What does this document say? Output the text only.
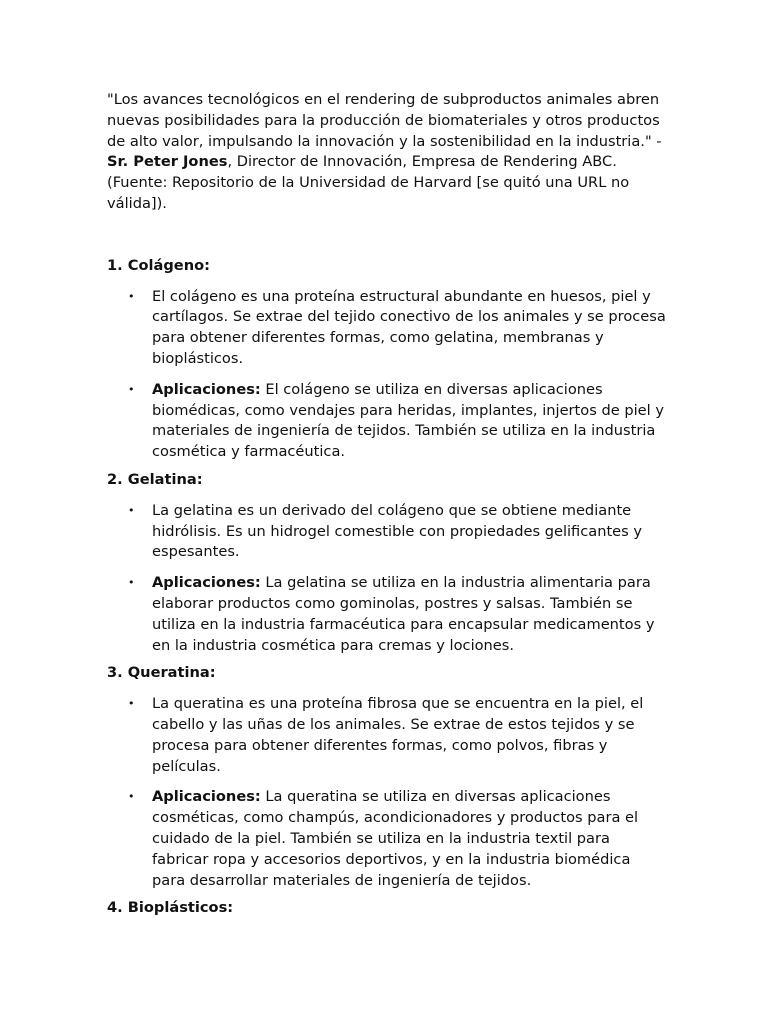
"Los avances tecnológicos en el rendering de subproductos animales abren nuevas posibilidades para la producción de biomateriales y otros productos de alto valor, impulsando la innovación y la sostenibilidad en la industria." - Sr. Peter Jones, Director de Innovación, Empresa de Rendering ABC. (Fuente: Repositorio de la Universidad de Harvard [se quitó una URL no válida]).

1. Colágeno:

• El colágeno es una proteína estructural abundante en huesos, piel y cartílagos. Se extrae del tejido conectivo de los animales y se procesa para obtener diferentes formas, como gelatina, membranas y bioplásticos.
• Aplicaciones: El colágeno se utiliza en diversas aplicaciones biomédicas, como vendajes para heridas, implantes, injertos de piel y materiales de ingeniería de tejidos. También se utiliza en la industria cosmética y farmacéutica.

2. Gelatina:

• La gelatina es un derivado del colágeno que se obtiene mediante hidrólisis. Es un hidrogel comestible con propiedades gelificantes y espesantes.
• Aplicaciones: La gelatina se utiliza en la industria alimentaria para elaborar productos como gominolas, postres y salsas. También se utiliza en la industria farmacéutica para encapsular medicamentos y en la industria cosmética para cremas y lociones.

3. Queratina:

• La queratina es una proteína fibrosa que se encuentra en la piel, el cabello y las uñas de los animales. Se extrae de estos tejidos y se procesa para obtener diferentes formas, como polvos, fibras y películas.
• Aplicaciones: La queratina se utiliza en diversas aplicaciones cosméticas, como champús, acondicionadores y productos para el cuidado de la piel. También se utiliza en la industria textil para fabricar ropa y accesorios deportivos, y en la industria biomédica para desarrollar materiales de ingeniería de tejidos.

4. Bioplásticos:
